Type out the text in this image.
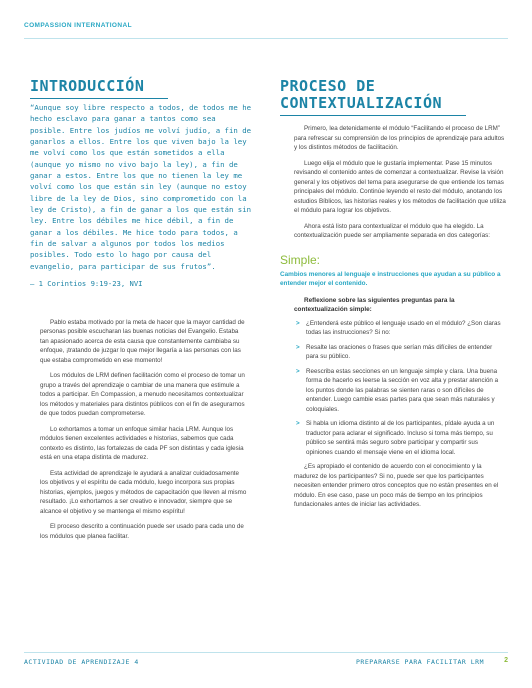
COMPASSION INTERNATIONAL
INTRODUCCIÓN

“Aunque soy libre respecto a todos, de todos me he hecho esclavo para ganar a tantos como sea posible. Entre los judíos me volví judío, a fin de ganarlos a ellos. Entre los que viven bajo la ley me volví como los que están sometidos a ella (aunque yo mismo no vivo bajo la ley), a fin de ganar a estos. Entre los que no tienen la ley me volví como los que están sin ley (aunque no estoy libre de la ley de Dios, sino comprometido con la ley de Cristo), a fin de ganar a los que están sin ley. Entre los débiles me hice débil, a fin de ganar a los débiles. Me hice todo para todos, a fin de salvar a algunos por todos los medios posibles. Todo esto lo hago por causa del evangelio, para participar de sus frutos”.

— 1 Corintios 9:19-23, NVI

Pablo estaba motivado por la meta de hacer que la mayor cantidad de personas posible escucharan las buenas noticias del Evangelio. Estaba tan apasionado acerca de esta causa que constantemente cambiaba su enfoque, ¡tratando de juzgar lo que mejor llegaría a las personas con las que estaba comprometido en ese momento!

Los módulos de LRM definen facilitación como el proceso de tomar un grupo a través del aprendizaje o cambiar de una manera que estimule a todos a participar. En Compassion, a menudo necesitamos contextualizar los métodos y materiales para distintos públicos con el fin de asegurarnos de que todos puedan comprometerse.

Lo exhortamos a tomar un enfoque similar hacia LRM. Aunque los módulos tienen excelentes actividades e historias, sabemos que cada contexto es distinto, las fortalezas de cada PF son distintas y cada iglesia está en una etapa distinta de madurez.

Esta actividad de aprendizaje le ayudará a analizar cuidadosamente los objetivos y el espíritu de cada módulo, luego incorpora sus propias historias, ejemplos, juegos y métodos de capacitación que lleven al mismo resultado. ¡Lo exhortamos a ser creativo e innovador, siempre que se alcance el objetivo y se mantenga el mismo espíritu!

El proceso descrito a continuación puede ser usado para cada uno de los módulos que planea facilitar.

PROCESO DE
CONTEXTUALIZACIÓN

Primero, lea detenidamente el módulo “Facilitando el proceso de LRM” para refrescar su comprensión de los principios de aprendizaje para adultos y los distintos métodos de facilitación.

Luego elija el módulo que le gustaría implementar. Pase 15 minutos revisando el contenido antes de comenzar a contextualizar. Revise la visión general y los objetivos del tema para asegurarse de que entiende los temas principales del módulo. Continúe leyendo el resto del módulo, anotando los estudios Bíblicos, las historias reales y los métodos de facilitación que utiliza el módulo para lograr los objetivos.

Ahora está listo para contextualizar el módulo que ha elegido. La contextualización puede ser ampliamente separada en dos categorías:

Simple:
Cambios menores al lenguaje e instrucciones que ayudan a su público a entender mejor el contenido.
Reflexione sobre las siguientes preguntas para la contextualización simple:
> ¿Entenderá este público el lenguaje usado en el módulo? ¿Son claras todas las instrucciones? Si no:
> Resalte las oraciones o frases que serían más difíciles de entender para su público.
> Reescriba estas secciones en un lenguaje simple y clara. Una buena forma de hacerlo es leerse la sección en voz alta y prestar atención a los puntos donde las palabras se sienten raras o son difíciles de entender. Luego cambie esas partes para que sean más naturales y coloquiales.
> Si habla un idioma distinto al de los participantes, pídale ayuda a un traductor para aclarar el significado. Incluso si toma más tiempo, su público se sentirá más seguro sobre participar y compartir sus opiniones cuando el mensaje viene en el idioma local.
¿Es apropiado el contenido de acuerdo con el conocimiento y la madurez de los participantes? Si no, puede ser que los participantes necesiten entender primero otros conceptos que no están presentes en el módulo. En ese caso, pase un poco más de tiempo en los principios fundacionales antes de iniciar las actividades.
ACTIVIDAD DE APRENDIZAJE 4	PREPARARSE PARA FACILITAR LRM	2
